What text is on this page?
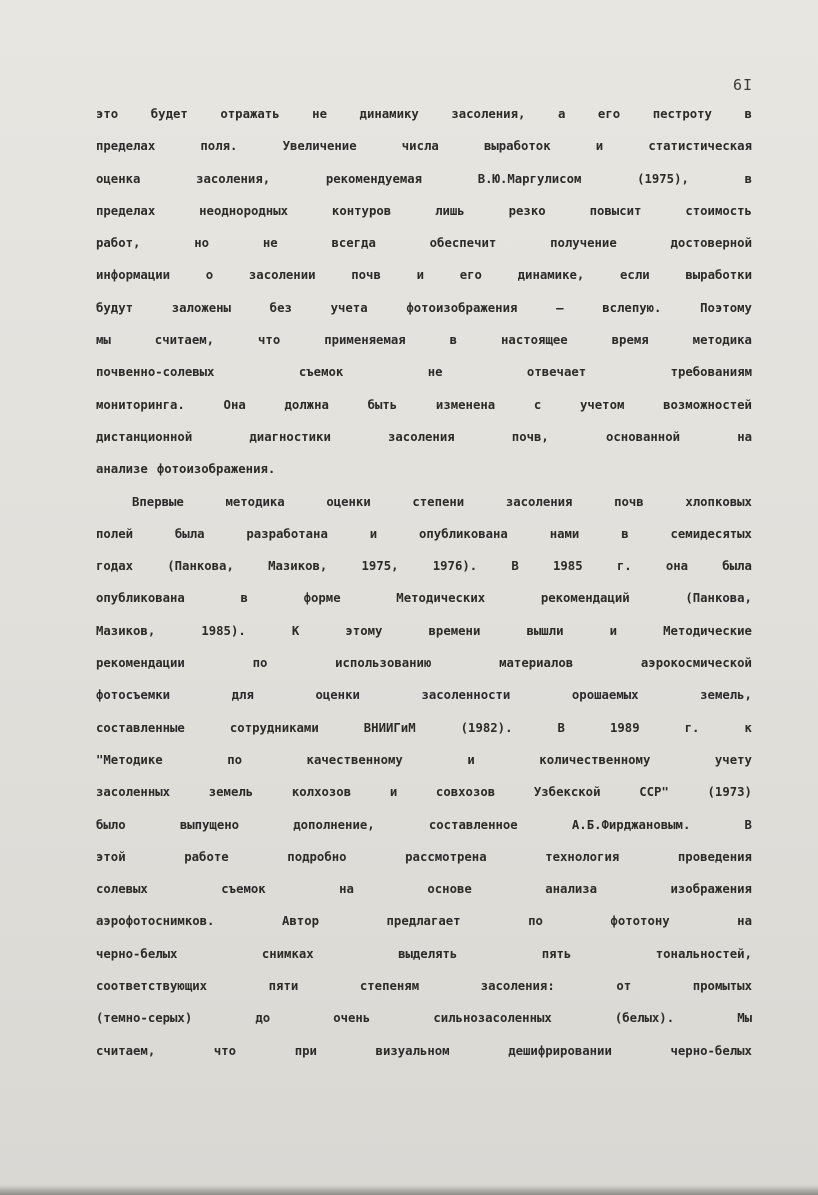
6I
это	будет	отражать	не	динамику	засоления,	а	его	пестроту	в
пределах	поля.	Увеличение	числа	выработок	и	статистическая
оценка	засоления,	рекомендуемая	В.Ю.Маргулисом	(1975),	в
пределах	неоднородных	контуров	лишь	резко	повысит	стоимость
работ,	но	не	всегда	обеспечит	получение	достоверной
информации	о	засолении	почв	и	его	динамике,	если	выработки
будут	заложены	без	учета	фотоизображения	–	вслепую.	Поэтому
мы	считаем,	что	применяемая	в	настоящее	время	методика
почвенно-солевых	съемок	не	отвечает	требованиям
мониторинга.	Она	должна	быть	изменена	с	учетом	возможностей
дистанционной	диагностики	засоления	почв,	основанной	на
анализе фотоизображения.
Впервые	методика	оценки	степени	засоления	почв	хлопковых
полей	была	разработана	и	опубликована	нами	в	семидесятых
годах	(Панкова,	Мазиков,	1975,	1976).	В	1985	г.	она	была
опубликована	в	форме	Методических	рекомендаций	(Панкова,
Мазиков,	1985).	К	этому	времени	вышли	и	Методические
рекомендации	по	использованию	материалов	аэрокосмической
фотосъемки	для	оценки	засоленности	орошаемых	земель,
составленные	сотрудниками	ВНИИГиМ	(1982).	В	1989	г.	к
"Методике	по	качественному	и	количественному	учету
засоленных	земель	колхозов	и	совхозов	Узбекской	ССР"	(1973)
было	выпущено	дополнение,	составленное	А.Б.Фирджановым.	В
этой	работе	подробно	рассмотрена	технология	проведения
солевых	съемок	на	основе	анализа	изображения
аэрофотоснимков.	Автор	предлагает	по	фототону	на
черно-белых	снимках	выделять	пять	тональностей,
соответствующих	пяти	степеням	засоления:	от	промытых
(темно-серых)	до	очень	сильнозасоленных	(белых).	Мы
считаем,	что	при	визуальном	дешифрировании	черно-белых
